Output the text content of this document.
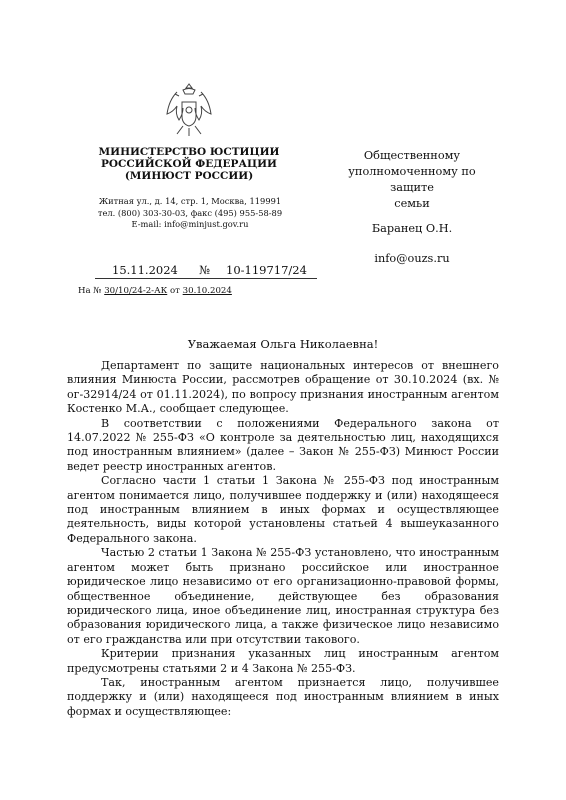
МИНИСТЕРСТВО ЮСТИЦИИ
РОССИЙСКОЙ ФЕДЕРАЦИИ
(МИНЮСТ РОССИИ)
Житная ул., д. 14, стр. 1, Москва, 119991
тел. (800) 303-30-03, факс (495) 955-58-89
E-mail: info@minjust.gov.ru
Общественному
уполномоченному по защите
семьи
Баранец О.Н.
info@ouzs.ru
15.11.2024 № 10-119717/24
На № 30/10/24-2-АК от 30.10.2024
Уважаемая Ольга Николаевна!

Департамент по защите национальных интересов от внешнего влияния Минюста России, рассмотрев обращение от 30.10.2024 (вх. № ог-32914/24 от 01.11.2024), по вопросу признания иностранным агентом Костенко М.А., сообщает следующее.

В соответствии с положениями Федерального закона от 14.07.2022 № 255-ФЗ «О контроле за деятельностью лиц, находящихся под иностранным влиянием» (далее – Закон № 255-ФЗ) Минюст России ведет реестр иностранных агентов.

Согласно части 1 статьи 1 Закона № 255-ФЗ под иностранным агентом понимается лицо, получившее поддержку и (или) находящееся под иностранным влиянием в иных формах и осуществляющее деятельность, виды которой установлены статьей 4 вышеуказанного Федерального закона.

Частью 2 статьи 1 Закона № 255-ФЗ установлено, что иностранным агентом может быть признано российское или иностранное юридическое лицо независимо от его организационно-правовой формы, общественное объединение, действующее без образования юридического лица, иное объединение лиц, иностранная структура без образования юридического лица, а также физическое лицо независимо от его гражданства или при отсутствии такового.

Критерии признания указанных лиц иностранным агентом предусмотрены статьями 2 и 4 Закона № 255-ФЗ.

Так, иностранным агентом признается лицо, получившее поддержку и (или) находящееся под иностранным влиянием в иных формах и осуществляющее:
